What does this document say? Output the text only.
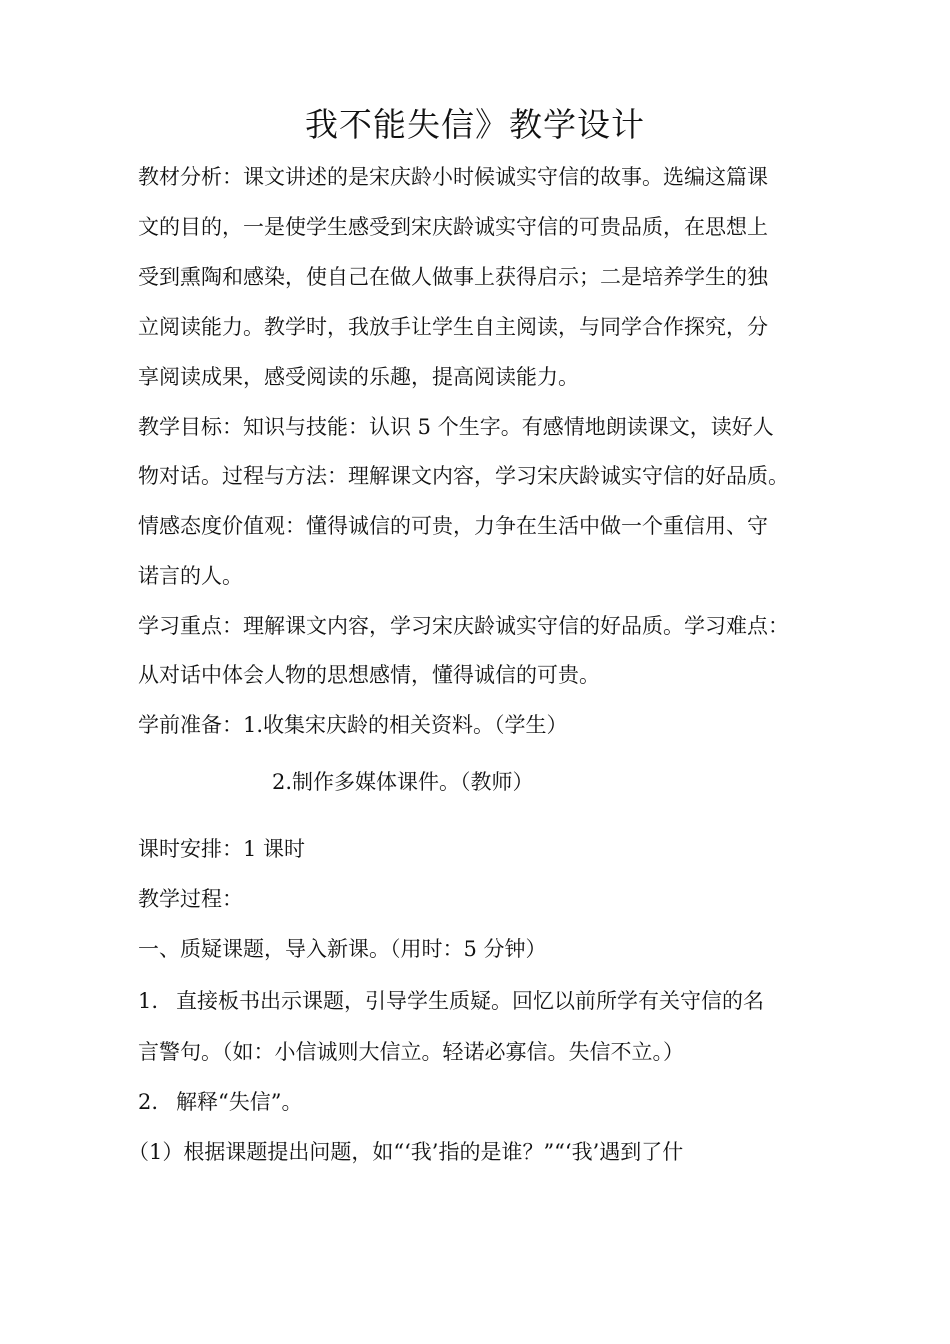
我不能失信》教学设计

教材分析：课文讲述的是宋庆龄小时候诚实守信的故事。选编这篇课

文的目的，一是使学生感受到宋庆龄诚实守信的可贵品质，在思想上

受到熏陶和感染，使自己在做人做事上获得启示；二是培养学生的独

立阅读能力。教学时，我放手让学生自主阅读，与同学合作探究，分

享阅读成果，感受阅读的乐趣，提高阅读能力。

教学目标：知识与技能：认识 5 个生字。有感情地朗读课文，读好人

物对话。过程与方法：理解课文内容，学习宋庆龄诚实守信的好品质。

情感态度价值观：懂得诚信的可贵，力争在生活中做一个重信用、守

诺言的人。

学习重点：理解课文内容，学习宋庆龄诚实守信的好品质。学习难点：

从对话中体会人物的思想感情，懂得诚信的可贵。

学前准备：1.收集宋庆龄的相关资料。（学生）

2.制作多媒体课件。（教师）

课时安排：1 课时

教学过程：

一、质疑课题，导入新课。（用时：5 分钟）

1. 直接板书出示课题，引导学生质疑。回忆以前所学有关守信的名

言警句。（如：小信诚则大信立。轻诺必寡信。失信不立。）

2. 解释“失信”。

（1）根据课题提出问题，如“‘我’指的是谁？”“‘我’遇到了什
